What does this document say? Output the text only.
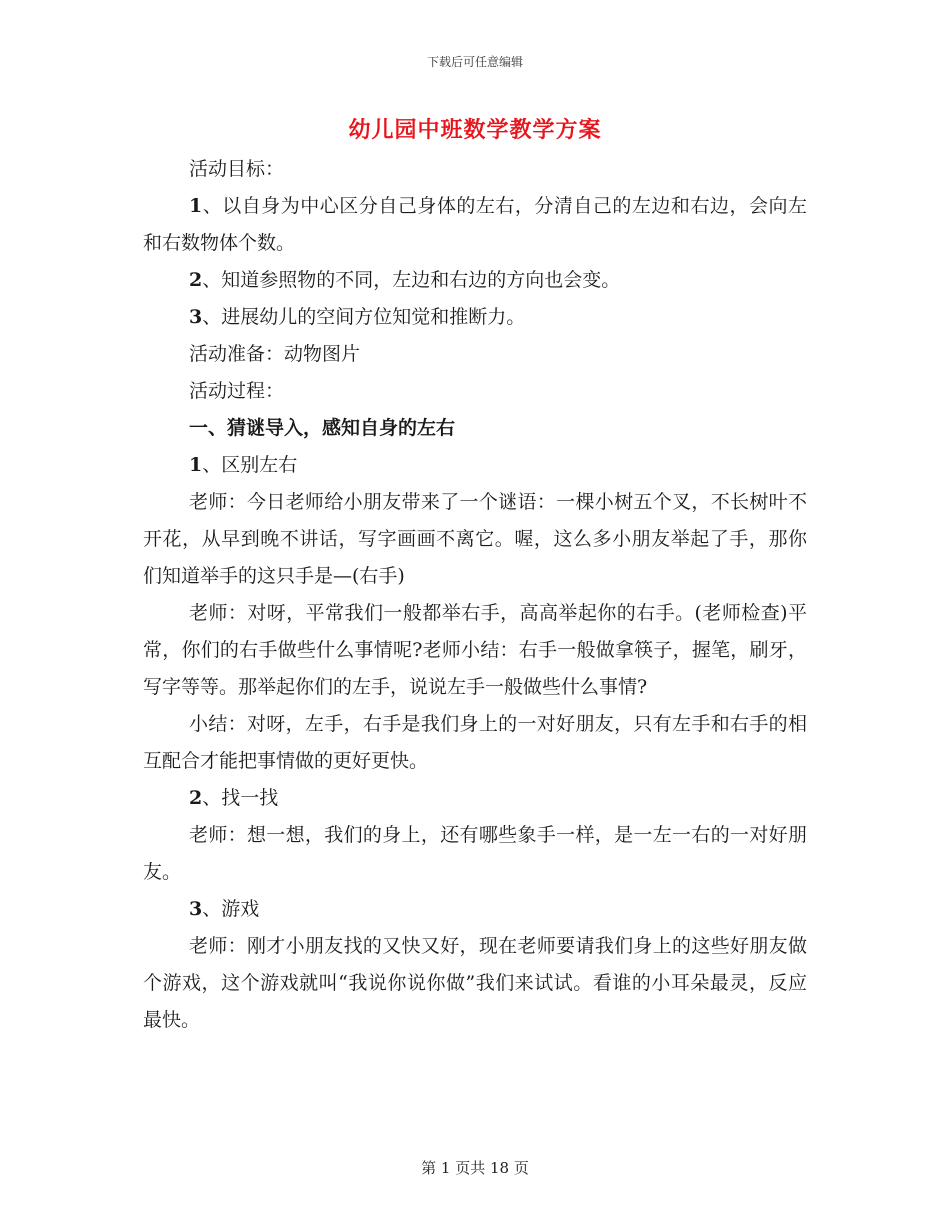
下载后可任意编辑
幼儿园中班数学教学方案

活动目标：

1、以自身为中心区分自己身体的左右，分清自己的左边和右边，会向左和右数物体个数。

2、知道参照物的不同，左边和右边的方向也会变。

3、进展幼儿的空间方位知觉和推断力。

活动准备：动物图片

活动过程：

一、猜谜导入，感知自身的左右

1、区别左右

老师：今日老师给小朋友带来了一个谜语：一棵小树五个叉，不长树叶不开花，从早到晚不讲话，写字画画不离它。喔，这么多小朋友举起了手，那你们知道举手的这只手是—(右手)

老师：对呀，平常我们一般都举右手，高高举起你的右手。(老师检查)平常，你们的右手做些什么事情呢?老师小结：右手一般做拿筷子，握笔，刷牙，写字等等。那举起你们的左手，说说左手一般做些什么事情?

小结：对呀，左手，右手是我们身上的一对好朋友，只有左手和右手的相互配合才能把事情做的更好更快。

2、找一找

老师：想一想，我们的身上，还有哪些象手一样，是一左一右的一对好朋友。

3、游戏

老师：刚才小朋友找的又快又好，现在老师要请我们身上的这些好朋友做个游戏，这个游戏就叫“我说你说你做”我们来试试。看谁的小耳朵最灵，反应最快。

第 1 页共 18 页
